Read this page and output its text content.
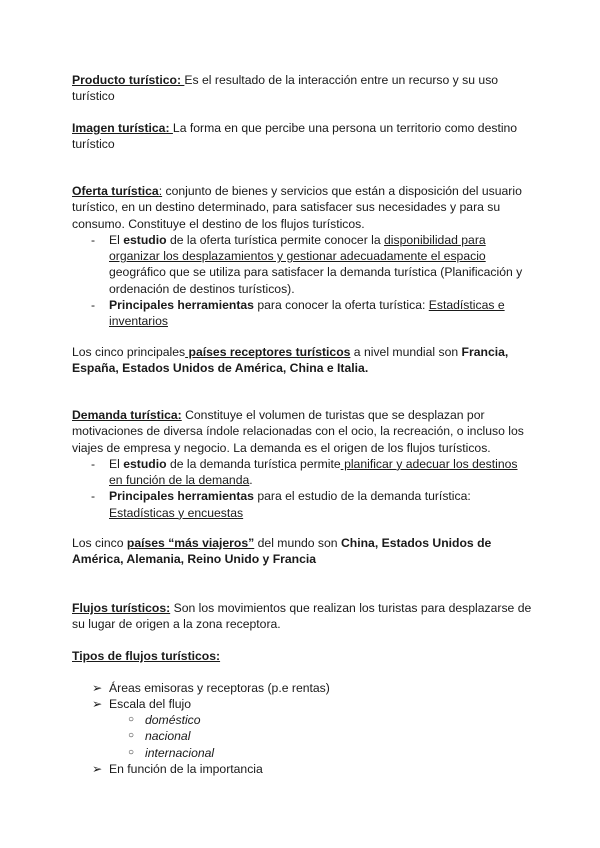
Producto turístico: Es el resultado de la interacción entre un recurso y su uso turístico

Imagen turística: La forma en que percibe una persona un territorio como destino turístico

Oferta turística: conjunto de bienes y servicios que están a disposición del usuario turístico, en un destino determinado, para satisfacer sus necesidades y para su consumo. Constituye el destino de los flujos turísticos.

- El estudio de la oferta turística permite conocer la disponibilidad para organizar los desplazamientos y gestionar adecuadamente el espacio geográfico que se utiliza para satisfacer la demanda turística (Planificación y ordenación de destinos turísticos).
- Principales herramientas para conocer la oferta turística: Estadísticas e inventarios

Los cinco principales países receptores turísticos a nivel mundial son Francia, España, Estados Unidos de América, China e Italia.

Demanda turística: Constituye el volumen de turistas que se desplazan por motivaciones de diversa índole relacionadas con el ocio, la recreación, o incluso los viajes de empresa y negocio. La demanda es el origen de los flujos turísticos.

- El estudio de la demanda turística permite planificar y adecuar los destinos en función de la demanda.
- Principales herramientas para el estudio de la demanda turística: Estadísticas y encuestas

Los cinco países “más viajeros” del mundo son China, Estados Unidos de América, Alemania, Reino Unido y Francia

Flujos turísticos: Son los movimientos que realizan los turistas para desplazarse de su lugar de origen a la zona receptora.

Tipos de flujos turísticos:

➢ Áreas emisoras y receptoras (p.e rentas)
➢ Escala del flujo
○ doméstico
○ nacional
○ internacional
➢ En función de la importancia
